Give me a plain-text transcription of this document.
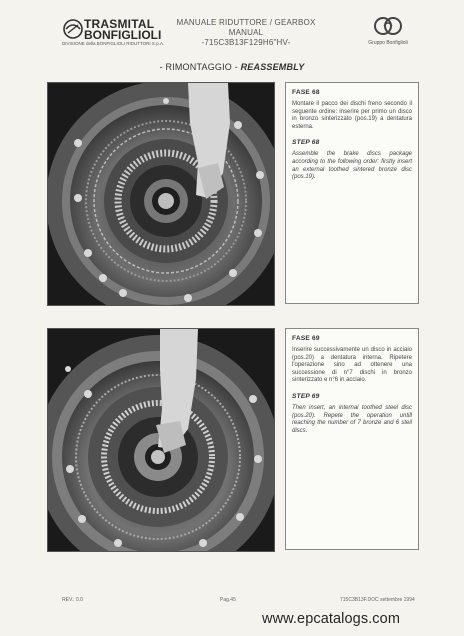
TRASMITAL
BONFIGLIOLI
DIVISIONE della BONFIGLIOLI RIDUTTORI S.p.A.
MANUALE RIDUTTORE / GEARBOX MANUAL
-715C3B13F129H6"HV-	Gruppo Bonfiglioli
- RIMONTAGGIO - REASSEMBLY
FASE 68
Montare il pacco dei dischi freno secondo il seguente ordine: inserire per primo un disco in bronzo sinterizzato (pos.19) a dentatura esterna.
STEP 68
Assemble the brake discs package according to the following order: firstly insert an external toothed sintered bronze disc (pos.19).
FASE 69
Inserire successivamente un disco in acciaio (pos.20) a dentatura interna. Ripetere l'operazione sino ad ottenere una successione di n°7 dischi in bronzo sinterizzato e n°6 in acciaio.
STEP 69
Then insert, an internal toothed steel disc (pos.20). Repete the operation untill reaching the number of 7 bronze and 6 steil discs.
REV.: 0.0	Pag.45	715C3B13F.DOC settembre 1994
www.epcatalogs.com
